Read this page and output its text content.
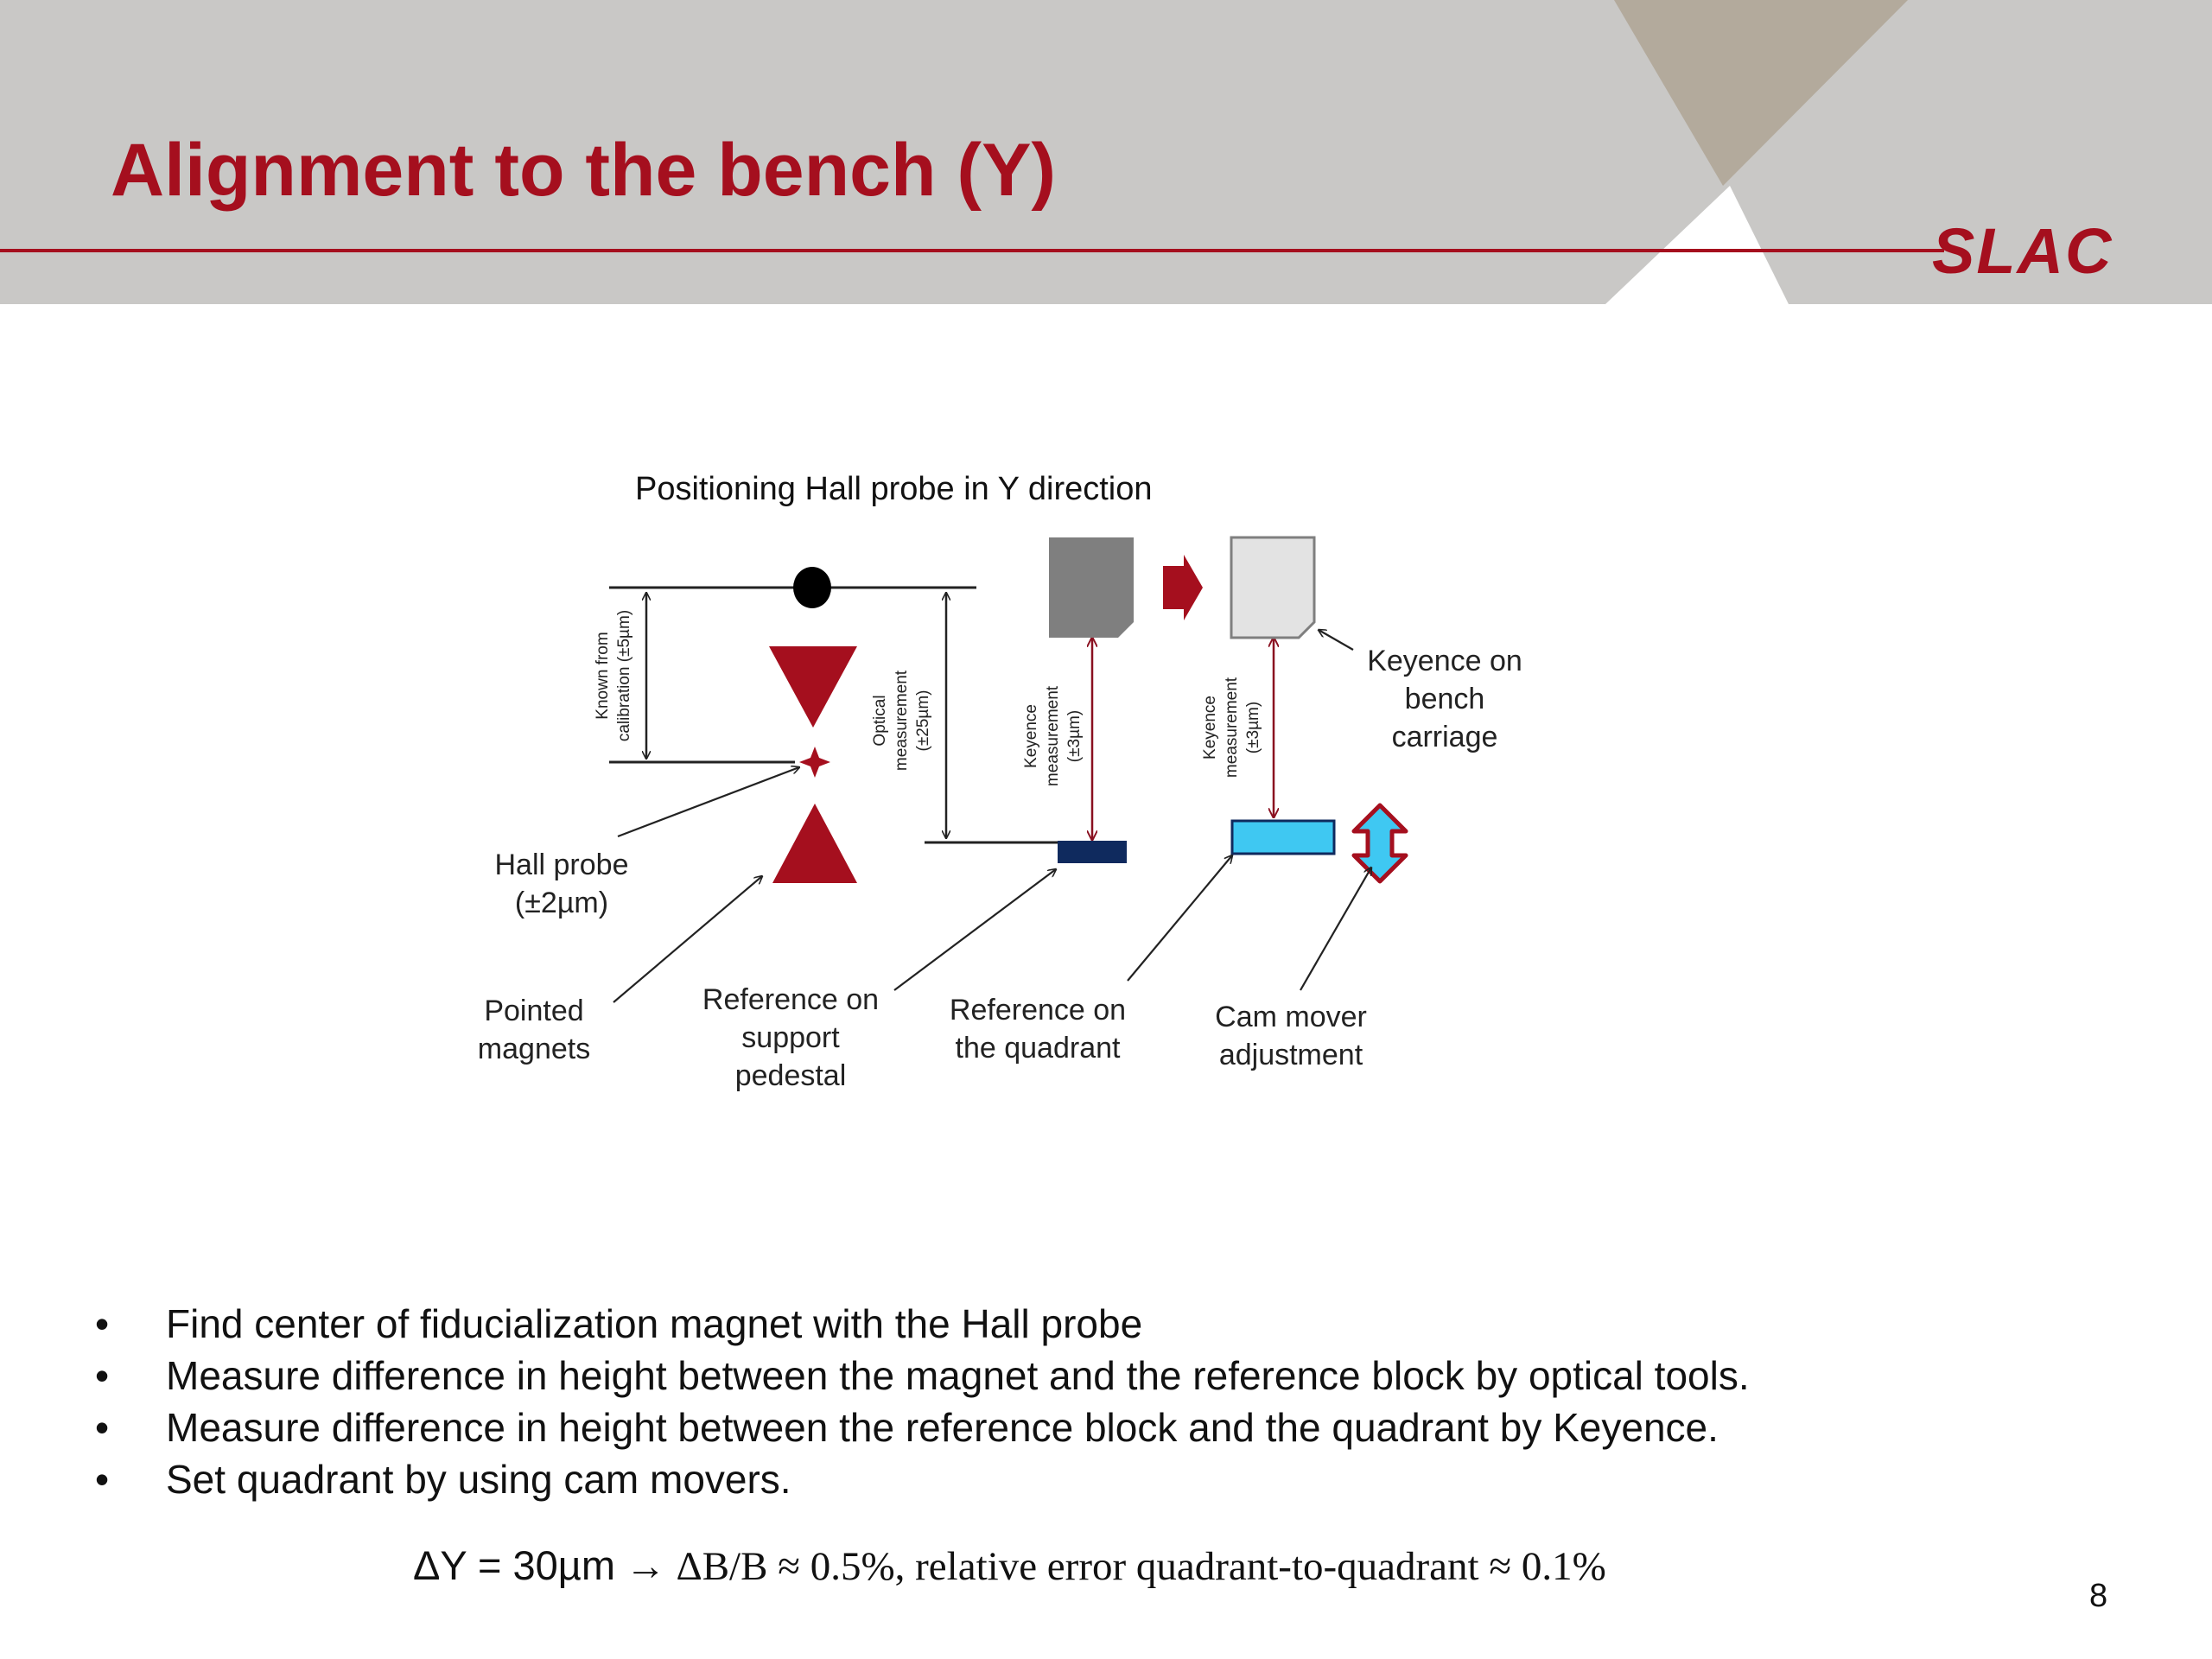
Alignment to the bench (Y)
SLAC
Positioning Hall probe in Y direction
Known from calibration (±5µm)	Optical measurement (±25µm)	Keyence measurement (±3µm)	Keyence measurement (±3µm)
Keyence on
bench
carriage
Hall probe
(±2µm)
Pointed
magnets
Reference on
support
pedestal
Reference on
the quadrant
Cam mover
adjustment
• Find center of fiducialization magnet with the Hall probe
• Measure difference in height between the magnet and the reference block by optical tools.
• Measure difference in height between the reference block and the quadrant by Keyence.
• Set quadrant by using cam movers.
ΔY = 30µm → ΔB/B ≈ 0.5%, relative error quadrant-to-quadrant ≈ 0.1%
8
